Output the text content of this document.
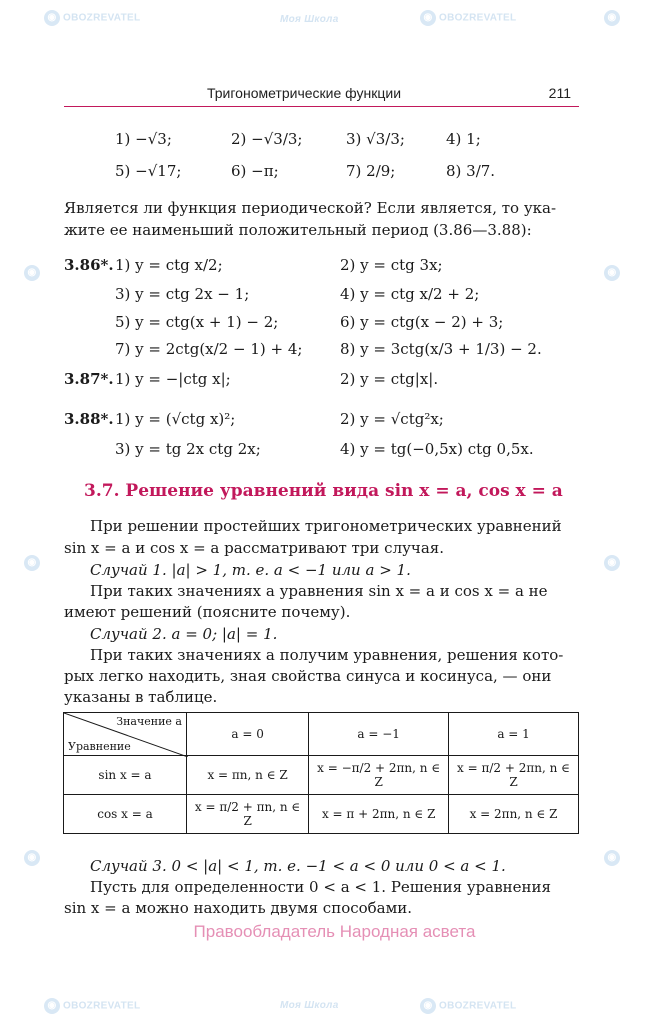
◉ OBOZREVATEL	Моя Школа	◉ OBOZREVATEL	◉
◉	◉
◉	◉
◉	◉
◉ OBOZREVATEL	Моя Школа	◉ OBOZREVATEL
Тригонометрические функции	211
1) −√3;	2) −√3/3;	3) √3/3;	4) 1;
5) −√17;	6) −π;	7) 2/9;	8) 3/7.
Является ли функция периодической? Если является, то ука-
жите ее наименьший положительный период (3.86—3.88):
3.86*. 1) y = ctg x/2;	2) y = ctg 3x;
3) y = ctg 2x − 1;	4) y = ctg x/2 + 2;
5) y = ctg(x + 1) − 2;	6) y = ctg(x − 2) + 3;
7) y = 2ctg(x/2 − 1) + 4;	8) y = 3ctg(x/3 + 1/3) − 2.
3.87*. 1) y = −|ctg x|;	2) y = ctg|x|.
3.88*. 1) y = (√ctg x)²;	2) y = √ctg²x;
3) y = tg 2x ctg 2x;	4) y = tg(−0,5x) ctg 0,5x.
3.7. Решение уравнений вида sin x = a, cos x = a
При решении простейших тригонометрических уравнений
sin x = a и cos x = a рассматривают три случая.
Случай 1. |a| > 1, т. е. a < −1 или a > 1.
При таких значениях a уравнения sin x = a и cos x = a не
имеют решений (поясните почему).
Случай 2. a = 0; |a| = 1.
При таких значениях a получим уравнения, решения кото-
рых легко находить, зная свойства синуса и косинуса, — они
указаны в таблице.
Значение a
Уравнение	a = 0	a = −1	a = 1
sin x = a	x = πn, n ∈ Z	x = −π/2 + 2πn, n ∈ Z	x = π/2 + 2πn, n ∈ Z
cos x = a	x = π/2 + πn, n ∈ Z	x = π + 2πn, n ∈ Z	x = 2πn, n ∈ Z
Случай 3. 0 < |a| < 1, т. е. −1 < a < 0 или 0 < a < 1.
Пусть для определенности 0 < a < 1. Решения уравнения
sin x = a можно находить двумя способами.
Правообладатель Народная асвета
